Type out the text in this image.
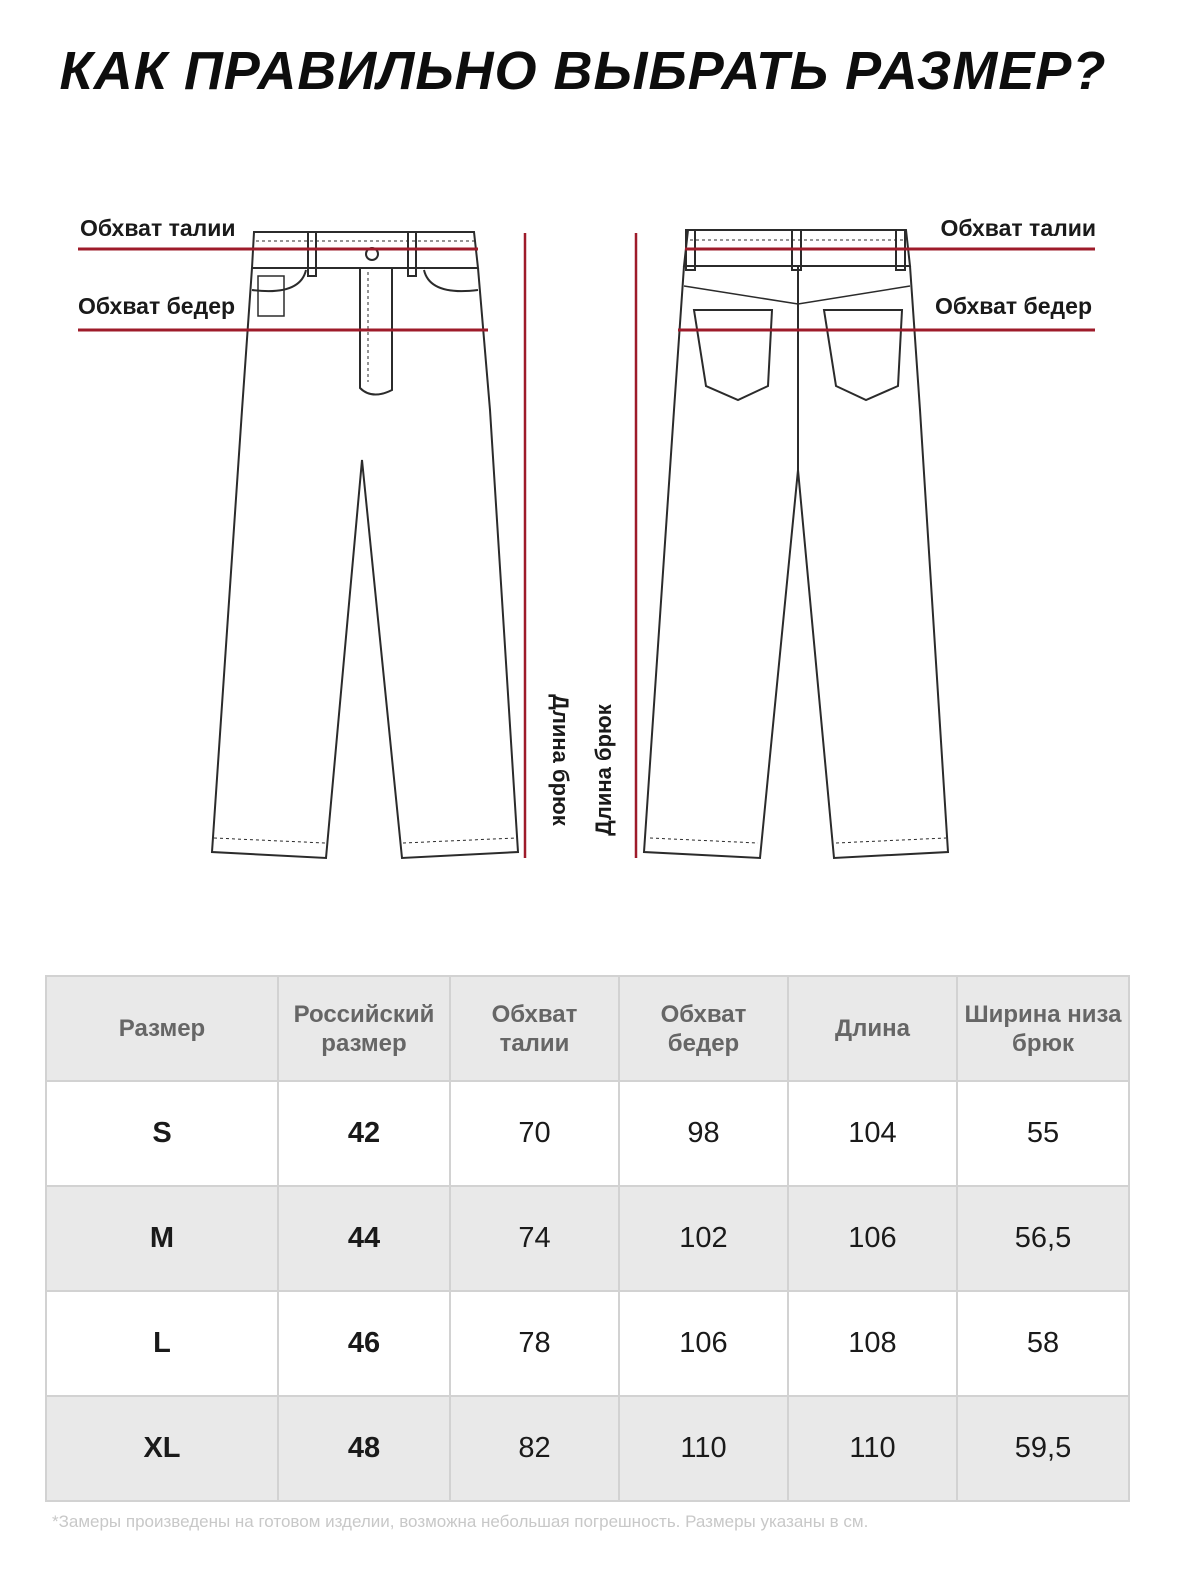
КАК ПРАВИЛЬНО ВЫБРАТЬ РАЗМЕР?
Обхват талии
Обхват бедер
Обхват талии
Обхват бедер
Длина брюк Длина брюк
Размер	Российский размер	Обхват талии	Обхват бедер	Длина	Ширина низа брюк
S	42	70	98	104	55
M	44	74	102	106	56,5
L	46	78	106	108	58
XL	48	82	110	110	59,5
*Замеры произведены на готовом изделии, возможна небольшая погрешность. Размеры указаны в см.
